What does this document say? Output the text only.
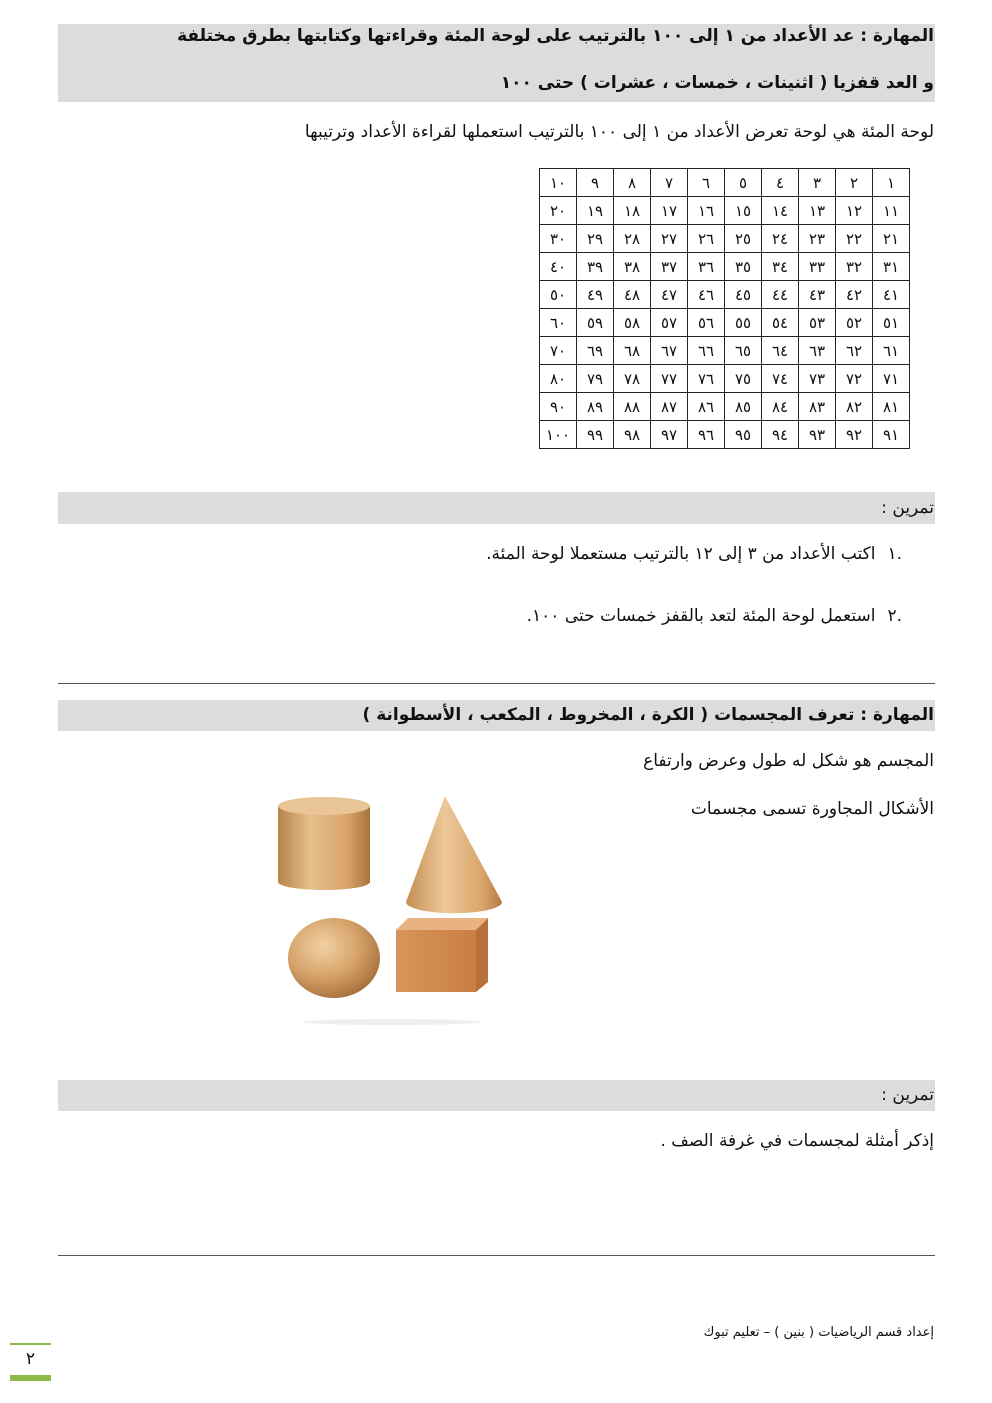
المهارة : عد الأعداد من ١ إلى ١٠٠ بالترتيب على لوحة المئة وقراءتها وكتابتها بطرق مختلفة
و العد قفزيا ( اثنينات ، خمسات ، عشرات ) حتى ١٠٠
لوحة المئة هي لوحة تعرض الأعداد من ١ إلى ١٠٠ بالترتيب استعملها لقراءة الأعداد وترتيبها
١	٢	٣	٤	٥	٦	٧	٨	٩	١٠
١١	١٢	١٣	١٤	١٥	١٦	١٧	١٨	١٩	٢٠
٢١	٢٢	٢٣	٢٤	٢٥	٢٦	٢٧	٢٨	٢٩	٣٠
٣١	٣٢	٣٣	٣٤	٣٥	٣٦	٣٧	٣٨	٣٩	٤٠
٤١	٤٢	٤٣	٤٤	٤٥	٤٦	٤٧	٤٨	٤٩	٥٠
٥١	٥٢	٥٣	٥٤	٥٥	٥٦	٥٧	٥٨	٥٩	٦٠
٦١	٦٢	٦٣	٦٤	٦٥	٦٦	٦٧	٦٨	٦٩	٧٠
٧١	٧٢	٧٣	٧٤	٧٥	٧٦	٧٧	٧٨	٧٩	٨٠
٨١	٨٢	٨٣	٨٤	٨٥	٨٦	٨٧	٨٨	٨٩	٩٠
٩١	٩٢	٩٣	٩٤	٩٥	٩٦	٩٧	٩٨	٩٩	١٠٠
تمرين :
.١اكتب الأعداد من ٣ إلى ١٢ بالترتيب مستعملا لوحة المئة.
.٢استعمل لوحة المئة لتعد بالقفز خمسات حتى ١٠٠.
المهارة : تعرف المجسمات ( الكرة ، المخروط ، المكعب ، الأسطوانة )
المجسم هو شكل له طول وعرض وارتفاع
الأشكال المجاورة تسمى مجسمات
تمرين :
إذكر أمثلة لمجسمات في غرفة الصف .
إعداد قسم الرياضيات ( بنين ) – تعليم تبوك
٢
